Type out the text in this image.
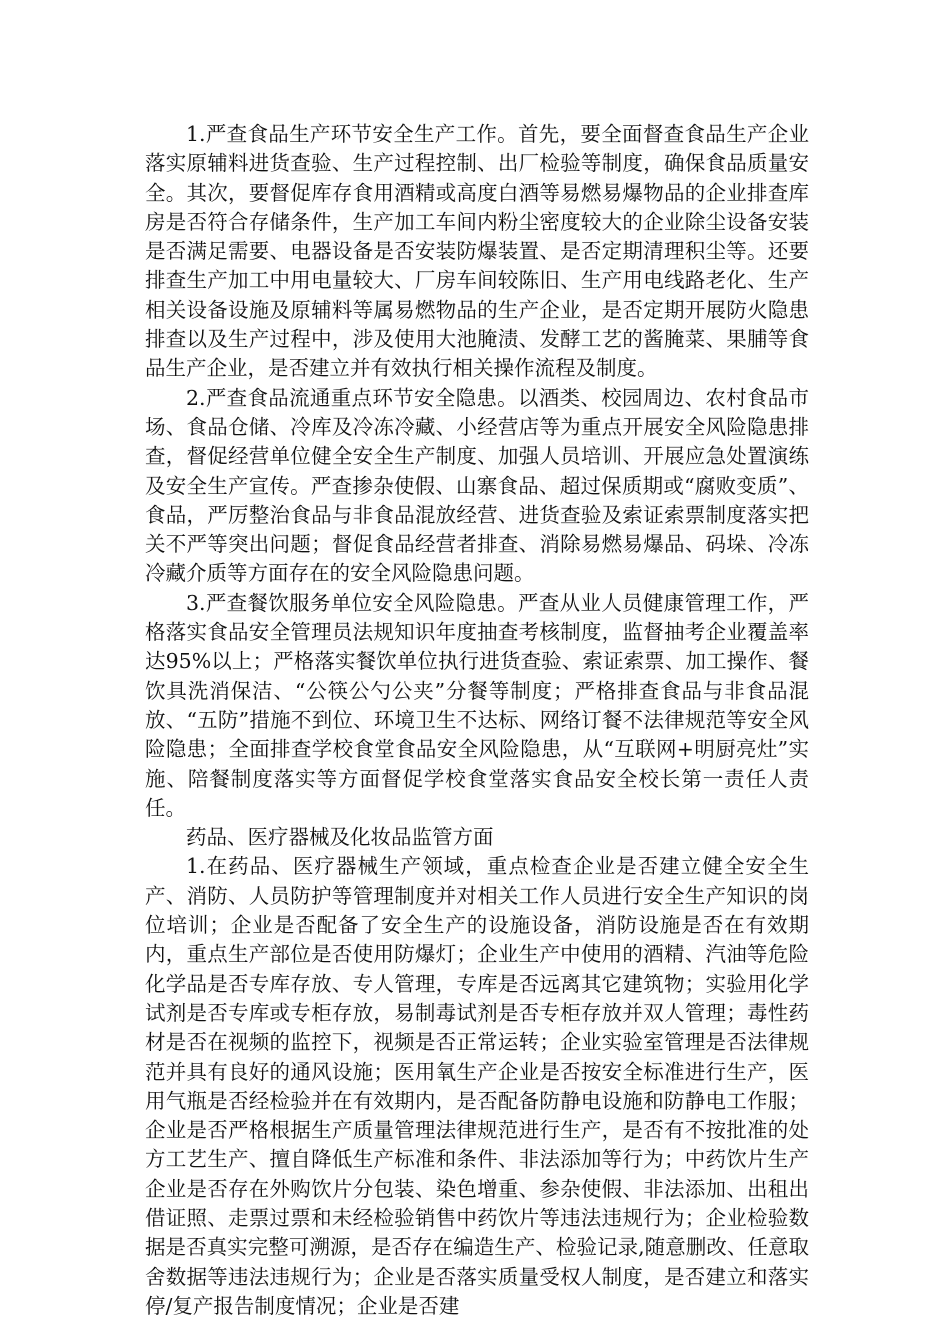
1.严查食品生产环节安全生产工作。首先，要全面督查食品生产企业落实原辅料进货查验、生产过程控制、出厂检验等制度，确保食品质量安全。其次，要督促库存食用酒精或高度白酒等易燃易爆物品的企业排查库房是否符合存储条件，生产加工车间内粉尘密度较大的企业除尘设备安装是否满足需要、电器设备是否安装防爆装置、是否定期清理积尘等。还要排查生产加工中用电量较大、厂房车间较陈旧、生产用电线路老化、生产相关设备设施及原辅料等属易燃物品的生产企业，是否定期开展防火隐患排查以及生产过程中，涉及使用大池腌渍、发酵工艺的酱腌菜、果脯等食品生产企业，是否建立并有效执行相关操作流程及制度。

2.严查食品流通重点环节安全隐患。以酒类、校园周边、农村食品市场、食品仓储、冷库及冷冻冷藏、小经营店等为重点开展安全风险隐患排查，督促经营单位健全安全生产制度、加强人员培训、开展应急处置演练及安全生产宣传。严查掺杂使假、山寨食品、超过保质期或“腐败变质”、食品，严厉整治食品与非食品混放经营、进货查验及索证索票制度落实把关不严等突出问题；督促食品经营者排查、消除易燃易爆品、码垛、冷冻冷藏介质等方面存在的安全风险隐患问题。

3.严查餐饮服务单位安全风险隐患。严查从业人员健康管理工作，严格落实食品安全管理员法规知识年度抽查考核制度，监督抽考企业覆盖率达95%以上；严格落实餐饮单位执行进货查验、索证索票、加工操作、餐饮具洗消保洁、“公筷公勺公夹”分餐等制度；严格排查食品与非食品混放、“五防”措施不到位、环境卫生不达标、网络订餐不法律规范等安全风险隐患；全面排查学校食堂食品安全风险隐患，从“互联网+明厨亮灶”实施、陪餐制度落实等方面督促学校食堂落实食品安全校长第一责任人责任。

药品、医疗器械及化妆品监管方面

1.在药品、医疗器械生产领域，重点检查企业是否建立健全安全生产、消防、人员防护等管理制度并对相关工作人员进行安全生产知识的岗位培训；企业是否配备了安全生产的设施设备，消防设施是否在有效期内，重点生产部位是否使用防爆灯；企业生产中使用的酒精、汽油等危险化学品是否专库存放、专人管理，专库是否远离其它建筑物；实验用化学试剂是否专库或专柜存放，易制毒试剂是否专柜存放并双人管理；毒性药材是否在视频的监控下，视频是否正常运转；企业实验室管理是否法律规范并具有良好的通风设施；医用氧生产企业是否按安全标准进行生产，医用气瓶是否经检验并在有效期内，是否配备防静电设施和防静电工作服；企业是否严格根据生产质量管理法律规范进行生产，是否有不按批准的处方工艺生产、擅自降低生产标准和条件、非法添加等行为；中药饮片生产企业是否存在外购饮片分包装、染色增重、参杂使假、非法添加、出租出借证照、走票过票和未经检验销售中药饮片等违法违规行为；企业检验数据是否真实完整可溯源，是否存在编造生产、检验记录,随意删改、任意取舍数据等违法违规行为；企业是否落实质量受权人制度，是否建立和落实停/复产报告制度情况；企业是否建
